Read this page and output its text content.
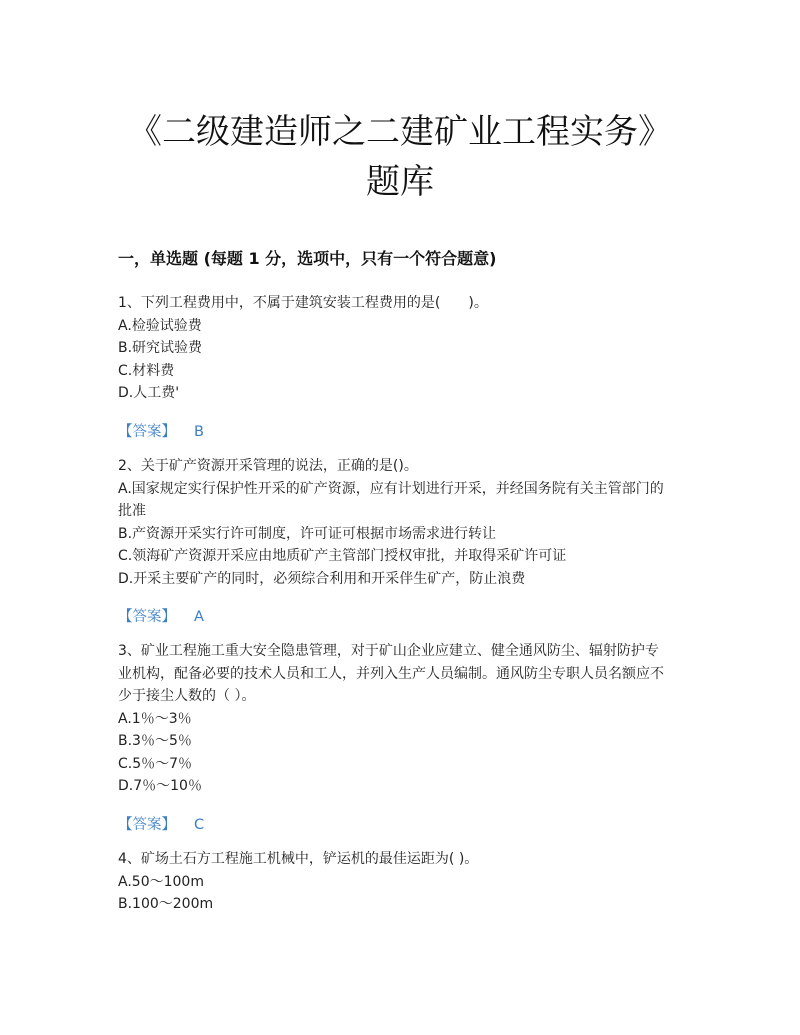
《二级建造师之二建矿业工程实务》
题库
一，单选题 (每题 1 分，选项中，只有一个符合题意)
1、下列工程费用中，不属于建筑安装工程费用的是(　　)。
A.检验试验费
B.研究试验费
C.材料费
D.人工费'
【答案】 B
2、关于矿产资源开采管理的说法，正确的是()。
A.国家规定实行保护性开采的矿产资源，应有计划进行开采，并经国务院有关主管部门的
批准
B.产资源开采实行许可制度，许可证可根据市场需求进行转让
C.领海矿产资源开采应由地质矿产主管部门授权审批，并取得采矿许可证
D.开采主要矿产的同时，必须综合利用和开采伴生矿产，防止浪费
【答案】 A
3、矿业工程施工重大安全隐患管理，对于矿山企业应建立、健全通风防尘、辐射防护专
业机构，配备必要的技术人员和工人，并列入生产人员编制。通风防尘专职人员名额应不
少于接尘人数的（ ）。
A.1％～3％
B.3％～5％
C.5％～7％
D.7％～10％
【答案】 C
4、矿场土石方工程施工机械中，铲运机的最佳运距为( )。
A.50～100m
B.100～200m
